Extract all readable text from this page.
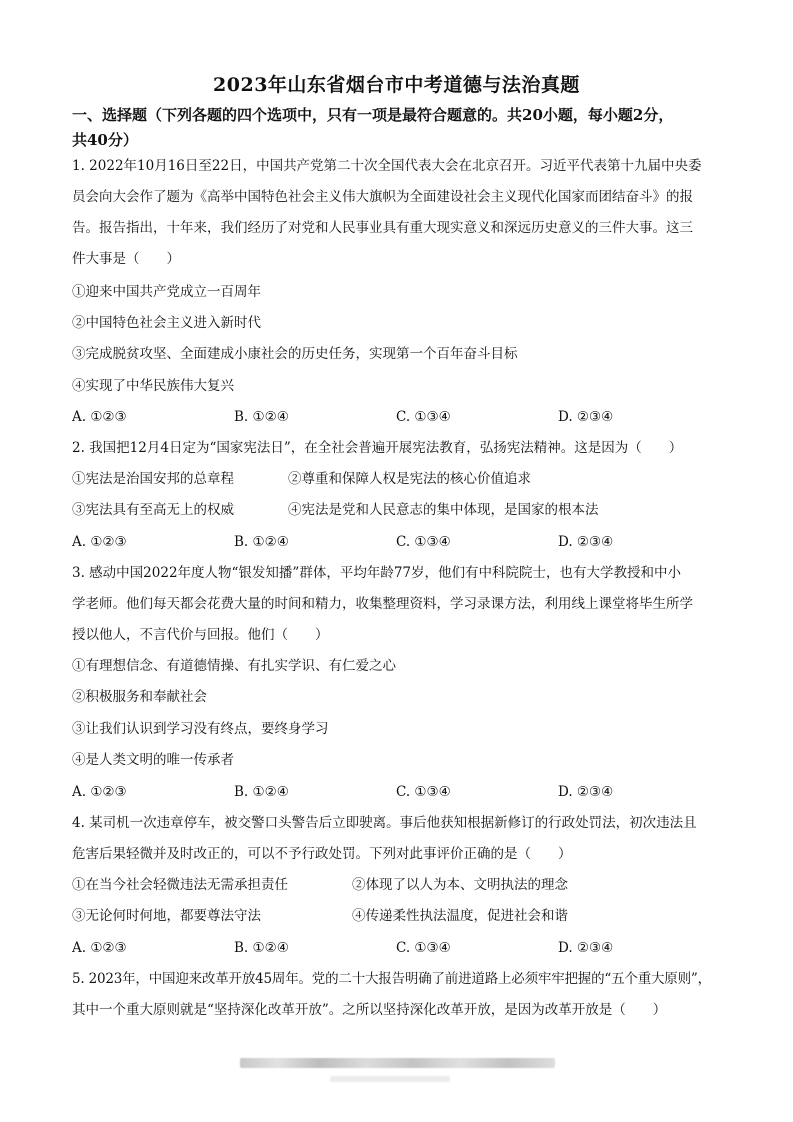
2023年山东省烟台市中考道德与法治真题
一、选择题（下列各题的四个选项中，只有一项是最符合题意的。共20小题，每小题2分，
共40分）
1. 2022年10月16日至22日，中国共产党第二十次全国代表大会在北京召开。习近平代表第十九届中央委
员会向大会作了题为《高举中国特色社会主义伟大旗帜为全面建设社会主义现代化国家而团结奋斗》的报
告。报告指出，十年来，我们经历了对党和人民事业具有重大现实意义和深远历史意义的三件大事。这三
件大事是（　　）
①迎来中国共产党成立一百周年
②中国特色社会主义进入新时代
③完成脱贫攻坚、全面建成小康社会的历史任务，实现第一个百年奋斗目标
④实现了中华民族伟大复兴
A. ①②③	B. ①②④	C. ①③④	D. ②③④
2. 我国把12月4日定为“国家宪法日”，在全社会普遍开展宪法教育，弘扬宪法精神。这是因为（　　）
①宪法是治国安邦的总章程	②尊重和保障人权是宪法的核心价值追求
③宪法具有至高无上的权威	④宪法是党和人民意志的集中体现，是国家的根本法
A. ①②③	B. ①②④	C. ①③④	D. ②③④
3. 感动中国2022年度人物“银发知播”群体，平均年龄77岁，他们有中科院院士，也有大学教授和中小
学老师。他们每天都会花费大量的时间和精力，收集整理资料，学习录课方法，利用线上课堂将毕生所学
授以他人，不言代价与回报。他们（　　）
①有理想信念、有道德情操、有扎实学识、有仁爱之心
②积极服务和奉献社会
③让我们认识到学习没有终点，要终身学习
④是人类文明的唯一传承者
A. ①②③	B. ①②④	C. ①③④	D. ②③④
4. 某司机一次违章停车，被交警口头警告后立即驶离。事后他获知根据新修订的行政处罚法，初次违法且
危害后果轻微并及时改正的，可以不予行政处罚。下列对此事评价正确的是（　　）
①在当今社会轻微违法无需承担责任	②体现了以人为本、文明执法的理念
③无论何时何地，都要尊法守法	④传递柔性执法温度，促进社会和谐
A. ①②③	B. ①②④	C. ①③④	D. ②③④
5. 2023年，中国迎来改革开放45周年。党的二十大报告明确了前进道路上必须牢牢把握的“五个重大原则”，
其中一个重大原则就是“坚持深化改革开放”。之所以坚持深化改革开放，是因为改革开放是（　　）
